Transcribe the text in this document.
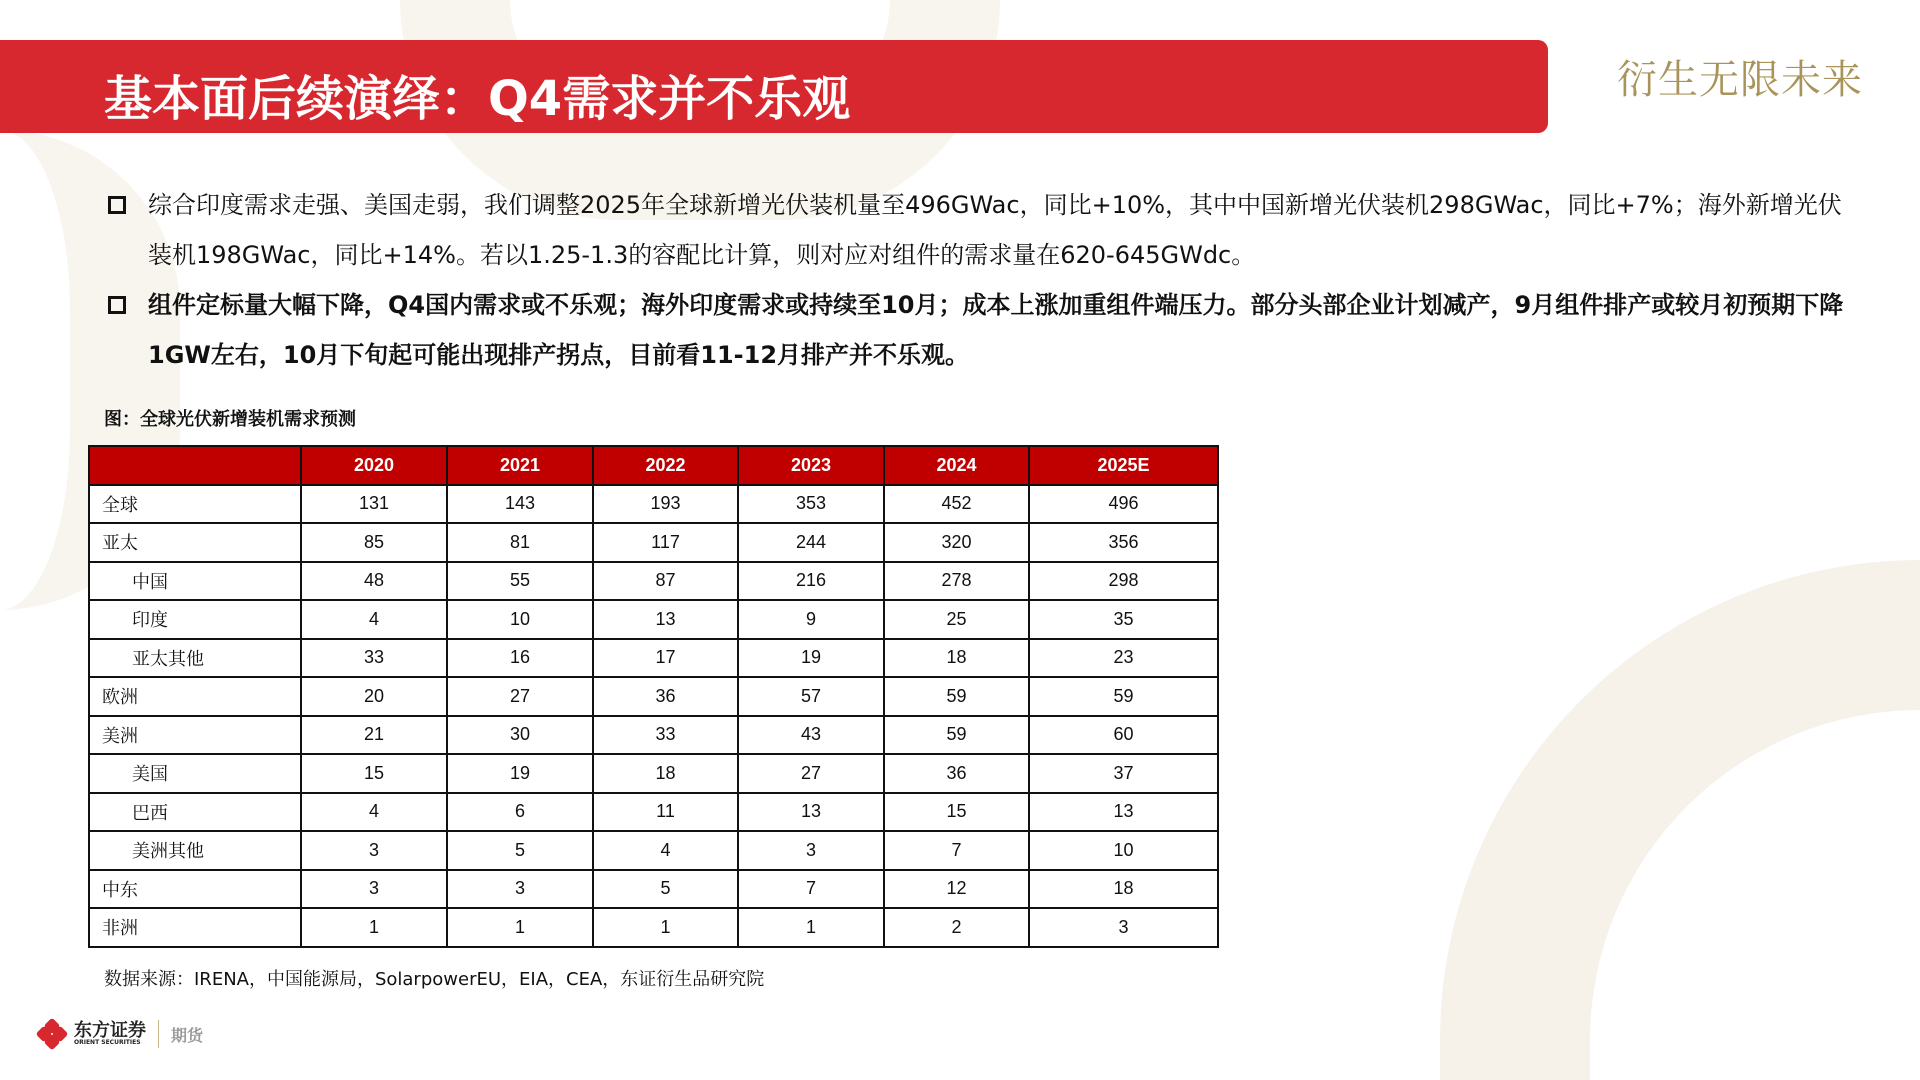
基本面后续演绎：Q4需求并不乐观	衍生无限未来
综合印度需求走强、美国走弱，我们调整2025年全球新增光伏装机量至496GWac，同比+10%，其中中国新增光伏装机298GWac，同比+7%；海外新增光伏装机198GWac，同比+14%。若以1.25-1.3的容配比计算，则对应对组件的需求量在620-645GWdc。
组件定标量大幅下降，Q4国内需求或不乐观；海外印度需求或持续至10月；成本上涨加重组件端压力。部分头部企业计划减产，9月组件排产或较月初预期下降1GW左右，10月下旬起可能出现排产拐点，目前看11-12月排产并不乐观。
图：全球光伏新增装机需求预测
	2020	2021	2022	2023	2024	2025E
全球	131	143	193	353	452	496
亚太	85	81	117	244	320	356
中国	48	55	87	216	278	298
印度	4	10	13	9	25	35
亚太其他	33	16	17	19	18	23
欧洲	20	27	36	57	59	59
美洲	21	30	33	43	59	60
美国	15	19	18	27	36	37
巴西	4	6	11	13	15	13
美洲其他	3	5	4	3	7	10
中东	3	3	5	7	12	18
非洲	1	1	1	1	2	3
数据来源：IRENA，中国能源局，SolarpowerEU，EIA，CEA，东证衍生品研究院
东方证券
ORIENT SECURITIES	期货
